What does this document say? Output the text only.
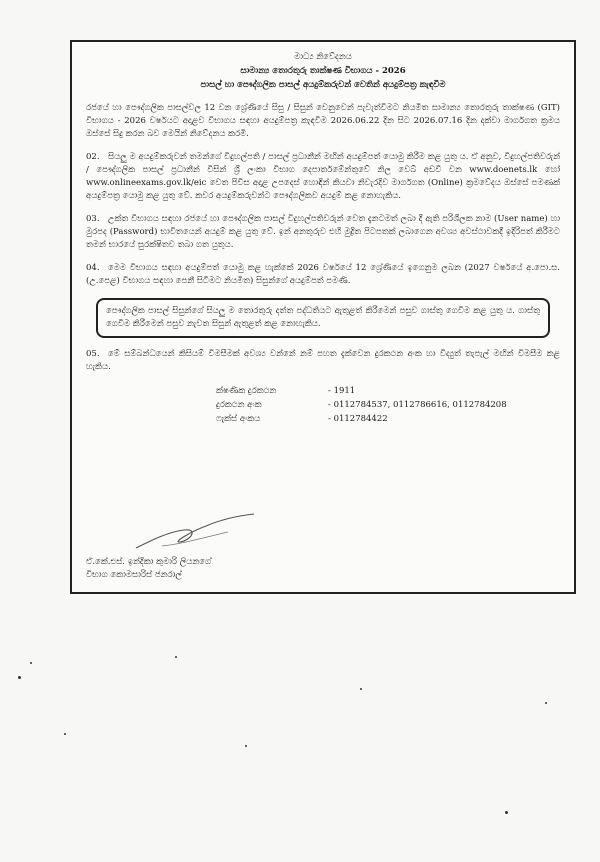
මාධ්‍ය නිවේදනය
සාමාන්‍ය තොරතුරු තාක්ෂණ විභාගය - 2026
පාසල් හා පෞද්ගලික පාසල් අයදුම්කරුවන් වෙතින් අයදුම්පත්‍ර කැඳවීම
රජයේ හා පෞද්ගලික පාසල්වල 12 වන ශ්‍රේණියේ සිසු / සිසුන් වෙනුවෙන් පැවැත්වීමට නියමිත සාමාන්‍ය තොරතුරු තාක්ෂණ (GIT) විභාගය - 2026 වර්ෂයට අදාළව විභාගය සඳහා අයදුම්පත්‍ර කැඳවීම 2026.06.22 දින සිට 2026.07.16 දින දක්වා මාර්ගගත ක්‍රමය ඔස්සේ සිදු කරන බව මෙයින් නිවේදනය කරමි.
02. සියලු ම අයදුම්කරුවන් තමන්ගේ විදුහල්පති / පාසල් ප්‍රධානීන් මඟින් අයදුම්පත් යොමු කිරීම කළ යුතු ය. ඒ අනුව, විදුහල්පතිවරුන් / පෞද්ගලික පාසල් ප්‍රධානීන් විසින් ශ්‍රී ලංකා විභාග දෙපාර්තමේන්තුවේ නිල වෙබ් අඩවි වන www.doenets.lk හෝ www.onlineexams.gov.lk/eic වෙත පිවිස අදාළ උපදෙස් හොඳින් කියවා නිවැරදිව මාර්ගගත (Online) ක්‍රමවේදය ඔස්සේ පමණක් අයදුම්පත්‍ර යොමු කළ යුතු වේ. කවර අයදුම්කරුවන්ට පෞද්ගලිකව අයදුම් කළ නොහැකිය.
03. උක්ත විභාගය සඳහා රජයේ හා පෞද්ගලික පාසල් විදුහල්පතිවරුන් වෙත දැනටමත් ලබා දී ඇති පරිශීලක නාම (User name) හා මුරපද (Password) භාවිතයෙන් අයදුම් කළ යුතු වේ. ඉන් අනතුරුව එහි මුද්‍රිත පිටපතක් ලබාගෙන අවශ්‍ය අවස්ථාවකදී ඉදිරිපත් කිරීමට තමන් භාරයේ සුරක්ෂිතව තබා ගත යුතුය.
04. මෙම විභාගය සඳහා අයදුම්පත් යොමු කළ හැක්කේ 2026 වර්ෂයේ 12 ශ්‍රේණියේ ඉගෙනුම ලබන (2027 වර්ෂයේ අ.පො.ස. (උ.පෙළ) විභාගය සඳහා පෙනී සිටීමට නියමිත) සිසුන්ගේ අයදුම්පත් පමණි.
පෞද්ගලික පාසල් සිසුන්ගේ සියලු ම තොරතුරු දත්ත පද්ධතියට ඇතුළත් කිරීමෙන් පසුව ගාස්තු ගෙවීම කළ යුතු ය. ගාස්තු ගෙවීම කිරීමෙන් පසුව නැවත සිසුන් ඇතුළත් කළ නොහැකිය.
05. මේ සම්බන්ධයෙන් කිසියම් විමසීමක් අවශ්‍ය වන්නේ නම් පහත දැක්වෙන දුරකථන අංක හා විද්‍යුත් තැපැල් මඟින් විමසීම කළ හැකිය.
ක්ෂණික දුරකථන	- 1911
දුරකථන අංක	- 0112784537, 0112786616, 0112784208
ෆැක්ස් අංකය	- 0112784422
ඒ.කේ.එස්. ඉන්දිකා කුමාරි ලියනගේ
විභාග කොමසාරිස් ජනරාල්
